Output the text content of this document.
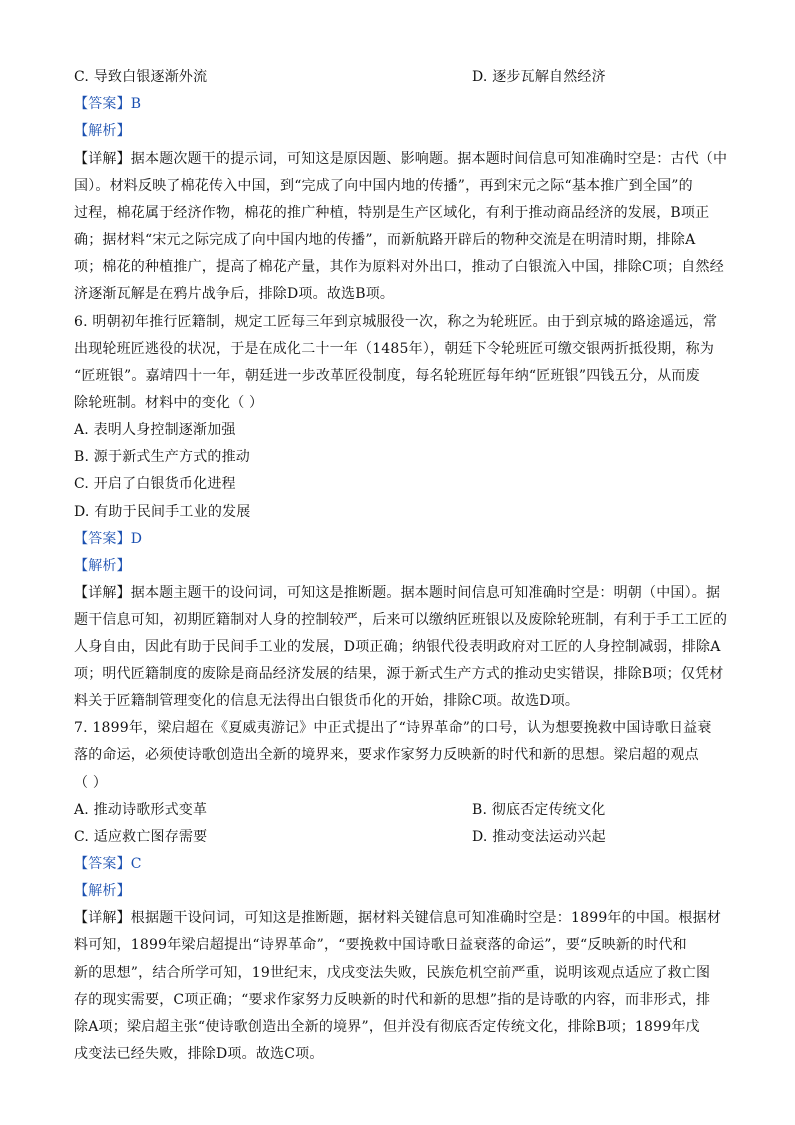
C. 导致白银逐渐外流	D. 逐步瓦解自然经济
【答案】B
【解析】
【详解】据本题次题干的提示词，可知这是原因题、影响题。据本题时间信息可知准确时空是：古代（中
国）。材料反映了棉花传入中国，到“完成了向中国内地的传播”，再到宋元之际“基本推广到全国”的
过程，棉花属于经济作物，棉花的推广种植，特别是生产区域化，有利于推动商品经济的发展，B项正
确；据材料“宋元之际完成了向中国内地的传播”，而新航路开辟后的物种交流是在明清时期，排除A
项；棉花的种植推广，提高了棉花产量，其作为原料对外出口，推动了白银流入中国，排除C项；自然经
济逐渐瓦解是在鸦片战争后，排除D项。故选B项。
6. 明朝初年推行匠籍制，规定工匠每三年到京城服役一次，称之为轮班匠。由于到京城的路途遥远，常
出现轮班匠逃役的状况，于是在成化二十一年（1485年），朝廷下令轮班匠可缴交银两折抵役期，称为
“匠班银”。嘉靖四十一年，朝廷进一步改革匠役制度，每名轮班匠每年纳“匠班银”四钱五分，从而废
除轮班制。材料中的变化（ ）
A. 表明人身控制逐渐加强
B. 源于新式生产方式的推动
C. 开启了白银货币化进程
D. 有助于民间手工业的发展
【答案】D
【解析】
【详解】据本题主题干的设问词，可知这是推断题。据本题时间信息可知准确时空是：明朝（中国）。据
题干信息可知，初期匠籍制对人身的控制较严，后来可以缴纳匠班银以及废除轮班制，有利于手工工匠的
人身自由，因此有助于民间手工业的发展，D项正确；纳银代役表明政府对工匠的人身控制减弱，排除A
项；明代匠籍制度的废除是商品经济发展的结果，源于新式生产方式的推动史实错误，排除B项；仅凭材
料关于匠籍制管理变化的信息无法得出白银货币化的开始，排除C项。故选D项。
7. 1899年，梁启超在《夏威夷游记》中正式提出了“诗界革命”的口号，认为想要挽救中国诗歌日益衰
落的命运，必须使诗歌创造出全新的境界来，要求作家努力反映新的时代和新的思想。梁启超的观点
（ ）
A. 推动诗歌形式变革	B. 彻底否定传统文化
C. 适应救亡图存需要	D. 推动变法运动兴起
【答案】C
【解析】
【详解】根据题干设问词，可知这是推断题，据材料关键信息可知准确时空是：1899年的中国。根据材
料可知，1899年梁启超提出“诗界革命”，“要挽救中国诗歌日益衰落的命运”，要“反映新的时代和
新的思想”，结合所学可知，19世纪末，戊戌变法失败，民族危机空前严重，说明该观点适应了救亡图
存的现实需要，C项正确；“要求作家努力反映新的时代和新的思想”指的是诗歌的内容，而非形式，排
除A项；梁启超主张“使诗歌创造出全新的境界”，但并没有彻底否定传统文化，排除B项；1899年戊
戌变法已经失败，排除D项。故选C项。
